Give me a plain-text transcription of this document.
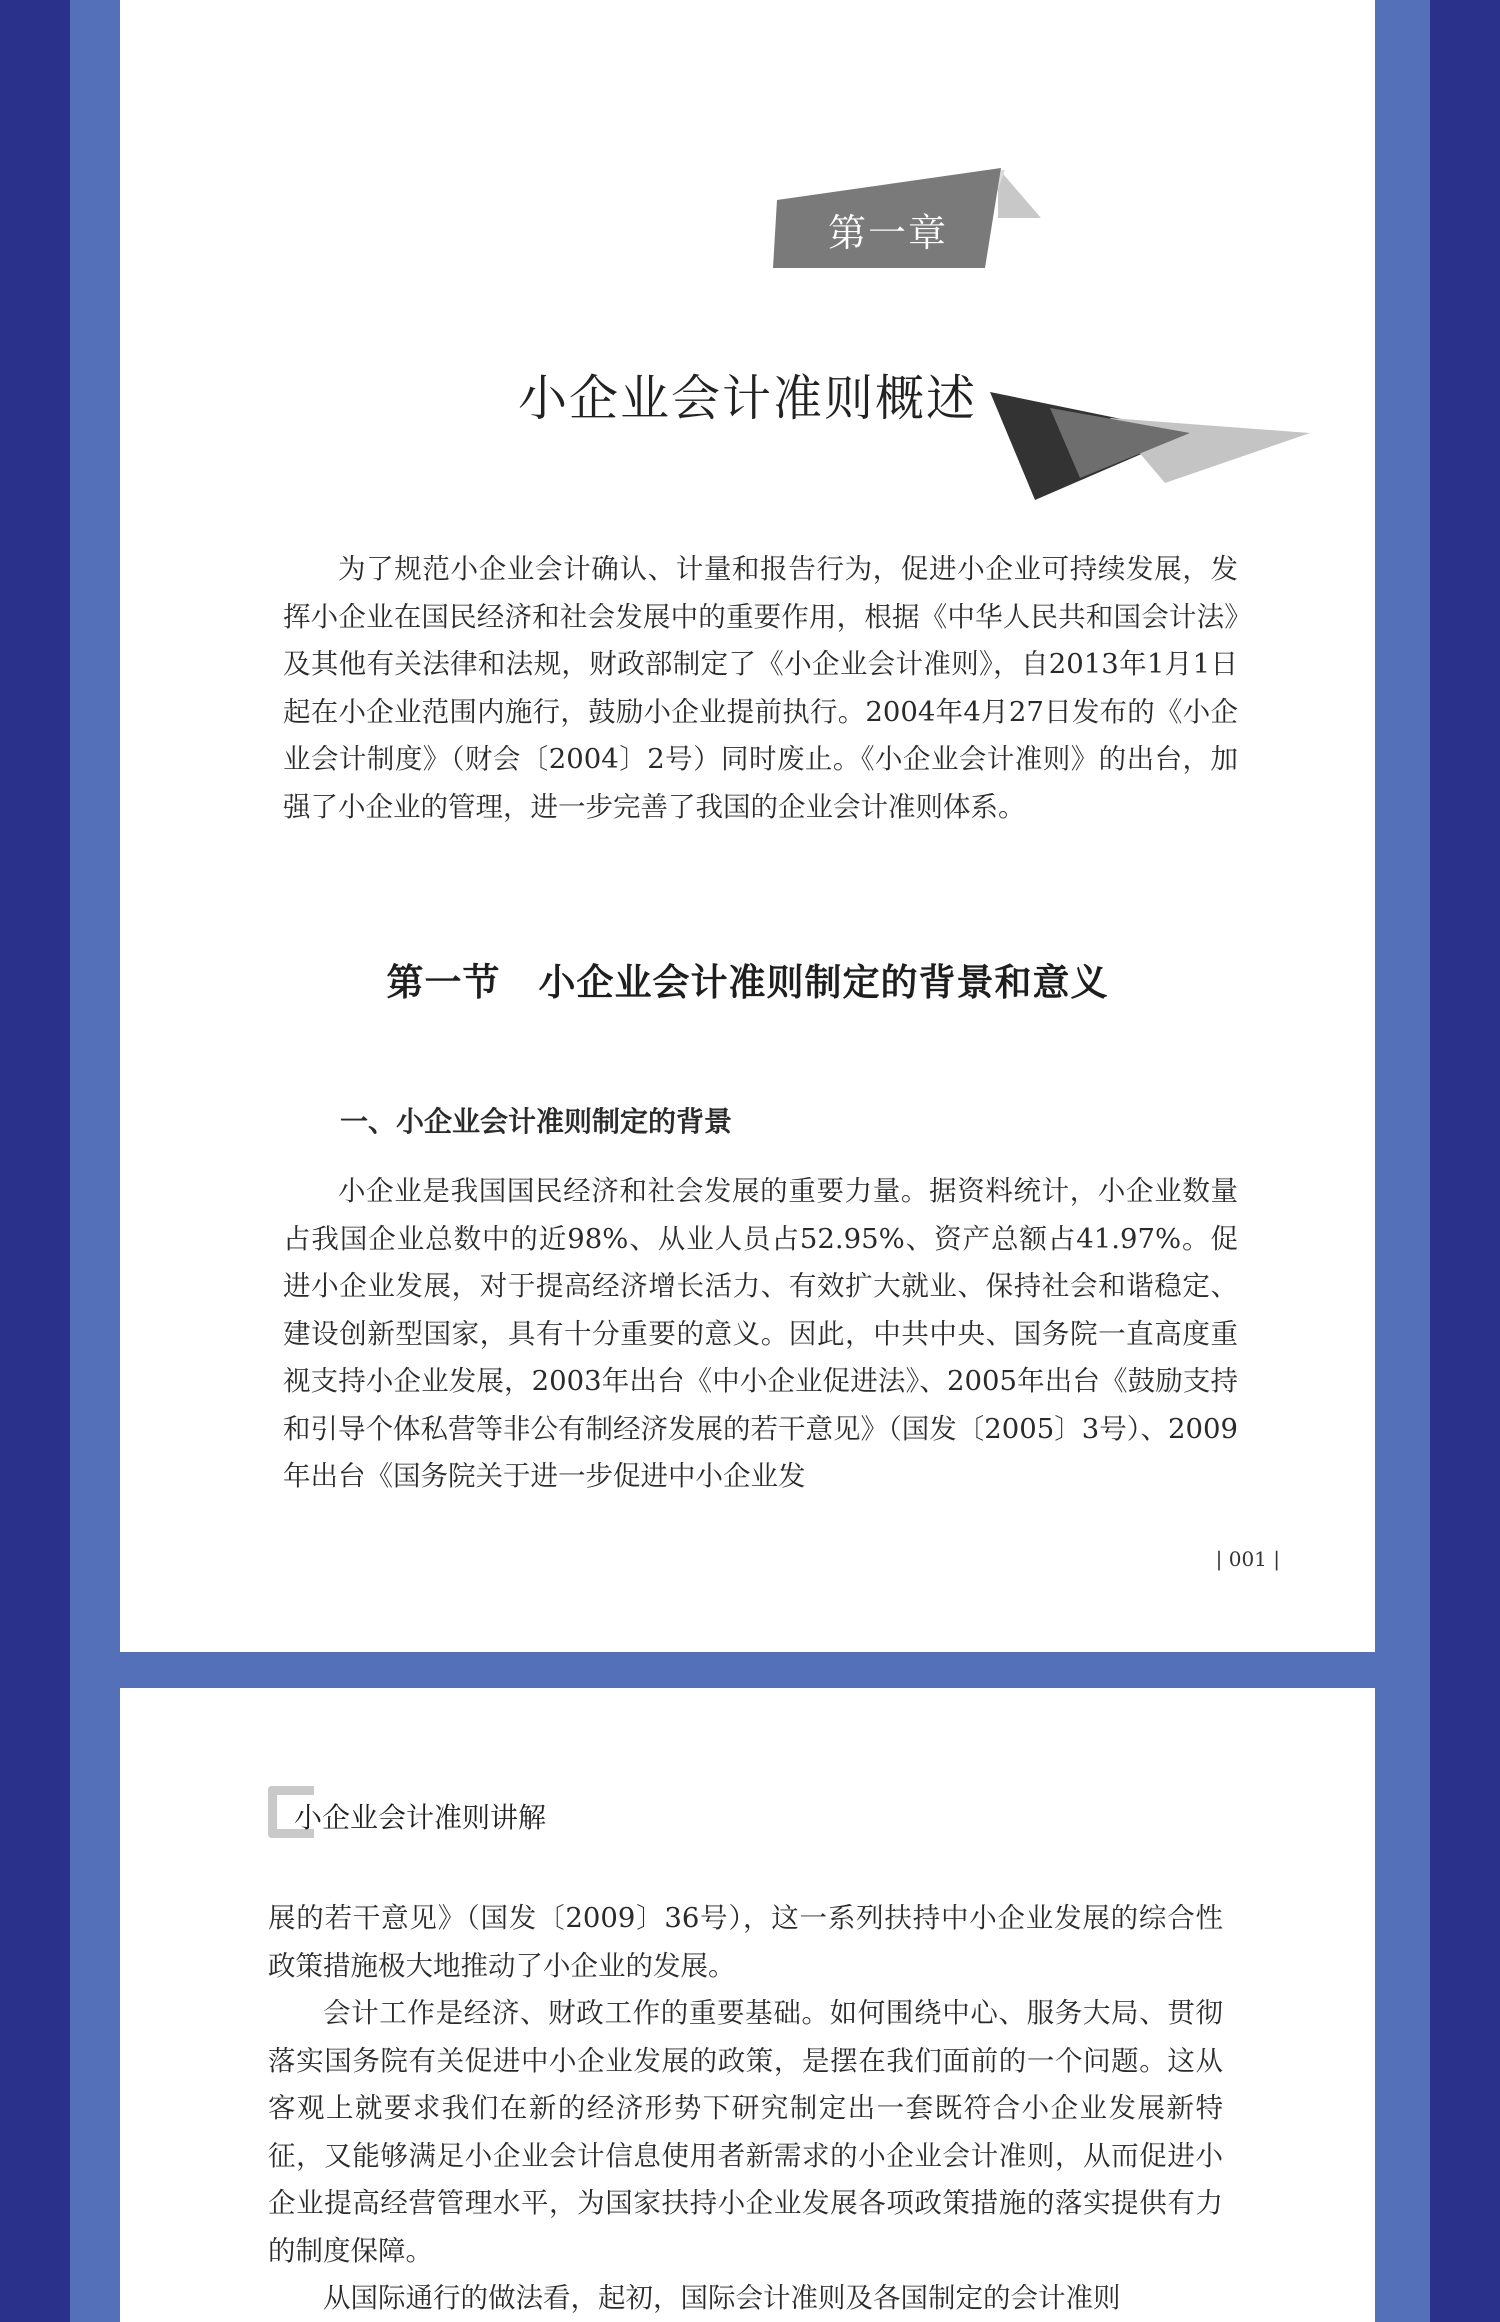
第一章
小企业会计准则概述

为了规范小企业会计确认、计量和报告行为，促进小企业可持续发展，发挥小企业在国民经济和社会发展中的重要作用，根据《中华人民共和国会计法》及其他有关法律和法规，财政部制定了《小企业会计准则》，自2013年1月1日起在小企业范围内施行，鼓励小企业提前执行。2004年4月27日发布的《小企业会计制度》（财会〔2004〕2号）同时废止。《小企业会计准则》的出台，加强了小企业的管理，进一步完善了我国的企业会计准则体系。

第一节　小企业会计准则制定的背景和意义
一、小企业会计准则制定的背景

小企业是我国国民经济和社会发展的重要力量。据资料统计，小企业数量占我国企业总数中的近98%、从业人员占52.95%、资产总额占41.97%。促进小企业发展，对于提高经济增长活力、有效扩大就业、保持社会和谐稳定、建设创新型国家，具有十分重要的意义。因此，中共中央、国务院一直高度重视支持小企业发展，2003年出台《中小企业促进法》、2005年出台《鼓励支持和引导个体私营等非公有制经济发展的若干意见》（国发〔2005〕3号）、2009年出台《国务院关于进一步促进中小企业发

| 001 |
小企业会计准则讲解

展的若干意见》（国发〔2009〕36号），这一系列扶持中小企业发展的综合性政策措施极大地推动了小企业的发展。

会计工作是经济、财政工作的重要基础。如何围绕中心、服务大局、贯彻落实国务院有关促进中小企业发展的政策，是摆在我们面前的一个问题。这从客观上就要求我们在新的经济形势下研究制定出一套既符合小企业发展新特征，又能够满足小企业会计信息使用者新需求的小企业会计准则，从而促进小企业提高经营管理水平，为国家扶持小企业发展各项政策措施的落实提供有力的制度保障。

从国际通行的做法看，起初，国际会计准则及各国制定的会计准则
